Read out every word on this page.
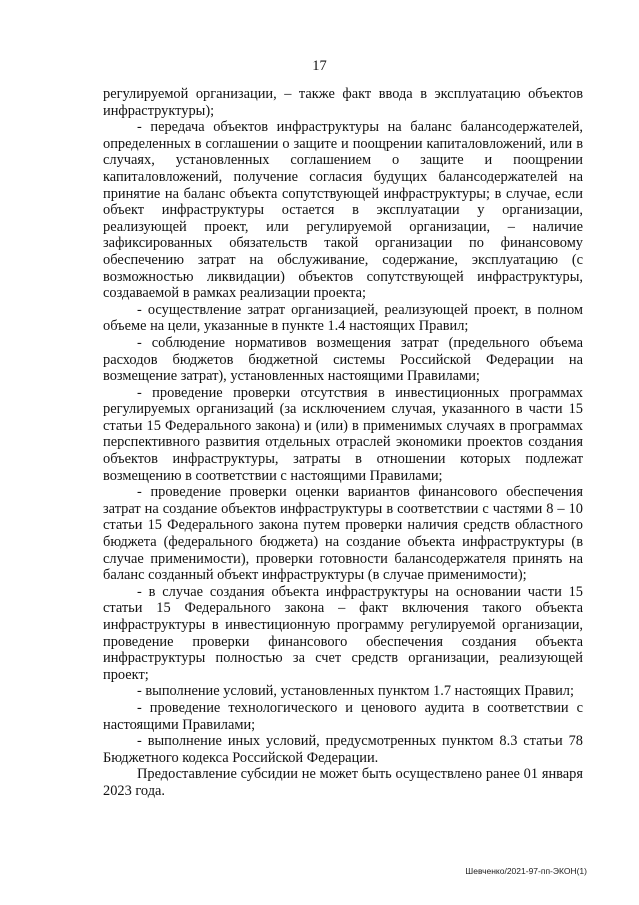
17

регулируемой организации, – также факт ввода в эксплуатацию объектов инфраструктуры);

- передача объектов инфраструктуры на баланс балансодержателей, определенных в соглашении о защите и поощрении капиталовложений, или в случаях, установленных соглашением о защите и поощрении капиталовложений, получение согласия будущих балансодержателей на принятие на баланс объекта сопутствующей инфраструктуры; в случае, если объект инфраструктуры остается в эксплуатации у организации, реализующей проект, или регулируемой организации, – наличие зафиксированных обязательств такой организации по финансовому обеспечению затрат на обслуживание, содержание, эксплуатацию (с возможностью ликвидации) объектов сопутствующей инфраструктуры, создаваемой в рамках реализации проекта;

- осуществление затрат организацией, реализующей проект, в полном объеме на цели, указанные в пункте 1.4 настоящих Правил;

- соблюдение нормативов возмещения затрат (предельного объема расходов бюджетов бюджетной системы Российской Федерации на возмещение затрат), установленных настоящими Правилами;

- проведение проверки отсутствия в инвестиционных программах регулируемых организаций (за исключением случая, указанного в части 15 статьи 15 Федерального закона) и (или) в применимых случаях в программах перспективного развития отдельных отраслей экономики проектов создания объектов инфраструктуры, затраты в отношении которых подлежат возмещению в соответствии с настоящими Правилами;

- проведение проверки оценки вариантов финансового обеспечения затрат на создание объектов инфраструктуры в соответствии с частями 8 – 10 статьи 15 Федерального закона путем проверки наличия средств областного бюджета (федерального бюджета) на создание объекта инфраструктуры (в случае применимости), проверки готовности балансодержателя принять на баланс созданный объект инфраструктуры (в случае применимости);

- в случае создания объекта инфраструктуры на основании части 15 статьи 15 Федерального закона – факт включения такого объекта инфраструктуры в инвестиционную программу регулируемой организации, проведение проверки финансового обеспечения создания объекта инфраструктуры полностью за счет средств организации, реализующей проект;

- выполнение условий, установленных пунктом 1.7 настоящих Правил;

- проведение технологического и ценового аудита в соответствии с настоящими Правилами;

- выполнение иных условий, предусмотренных пунктом 8.3 статьи 78 Бюджетного кодекса Российской Федерации.

Предоставление субсидии не может быть осуществлено ранее 01 января 2023 года.

Шевченко/2021-97-пп-ЭКОН(1)
